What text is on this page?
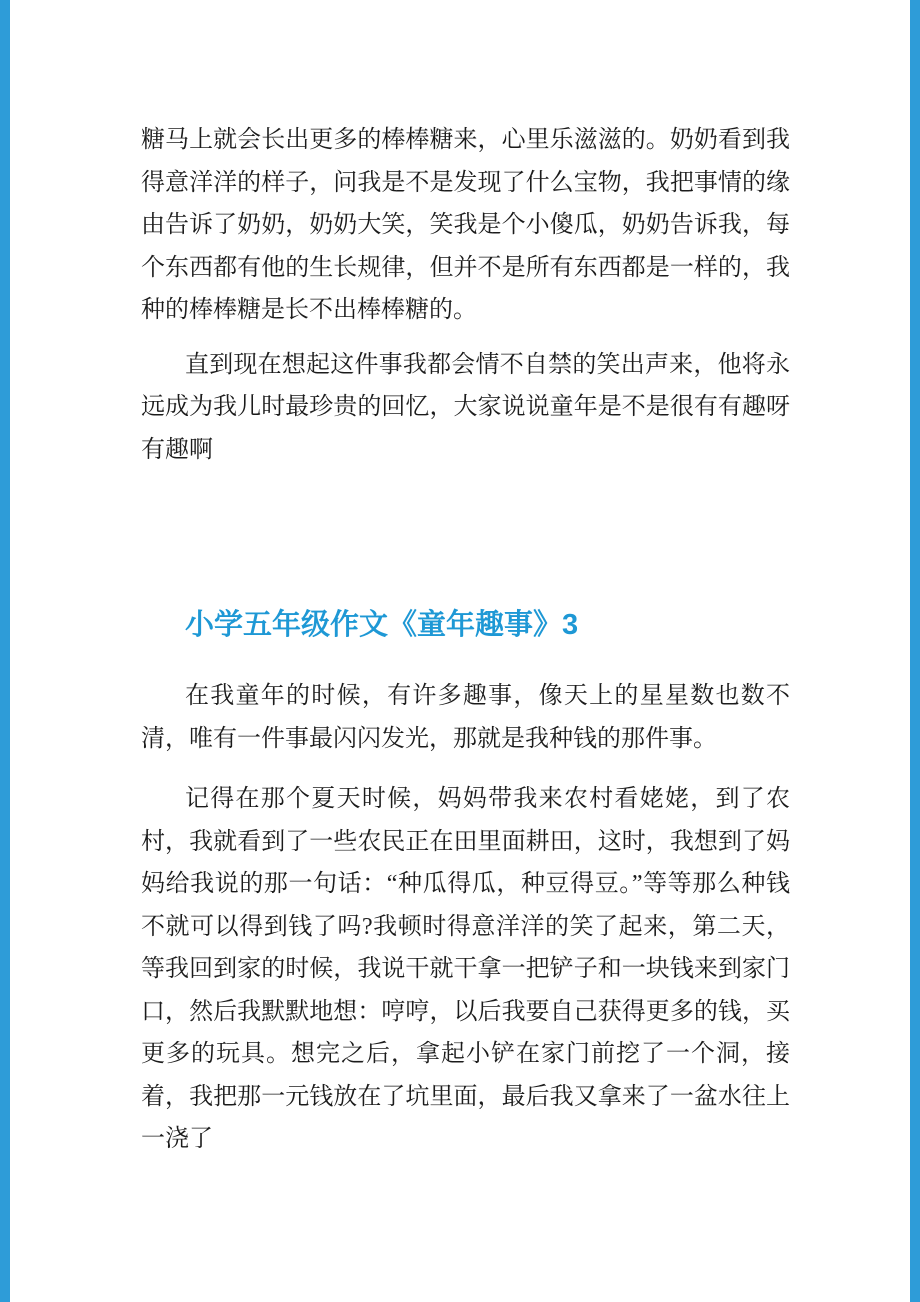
糖马上就会长出更多的棒棒糖来，心里乐滋滋的。奶奶看到我得意洋洋的样子，问我是不是发现了什么宝物，我把事情的缘由告诉了奶奶，奶奶大笑，笑我是个小傻瓜，奶奶告诉我，每个东西都有他的生长规律，但并不是所有东西都是一样的，我种的棒棒糖是长不出棒棒糖的。

直到现在想起这件事我都会情不自禁的笑出声来，他将永远成为我儿时最珍贵的回忆，大家说说童年是不是很有有趣呀有趣啊

小学五年级作文《童年趣事》3

在我童年的时候，有许多趣事，像天上的星星数也数不清，唯有一件事最闪闪发光，那就是我种钱的那件事。

记得在那个夏天时候，妈妈带我来农村看姥姥，到了农村，我就看到了一些农民正在田里面耕田，这时，我想到了妈妈给我说的那一句话：“种瓜得瓜，种豆得豆。”等等那么种钱不就可以得到钱了吗?我顿时得意洋洋的笑了起来，第二天，等我回到家的时候，我说干就干拿一把铲子和一块钱来到家门口，然后我默默地想：哼哼，以后我要自己获得更多的钱，买更多的玩具。想完之后，拿起小铲在家门前挖了一个洞，接着，我把那一元钱放在了坑里面，最后我又拿来了一盆水往上一浇了
